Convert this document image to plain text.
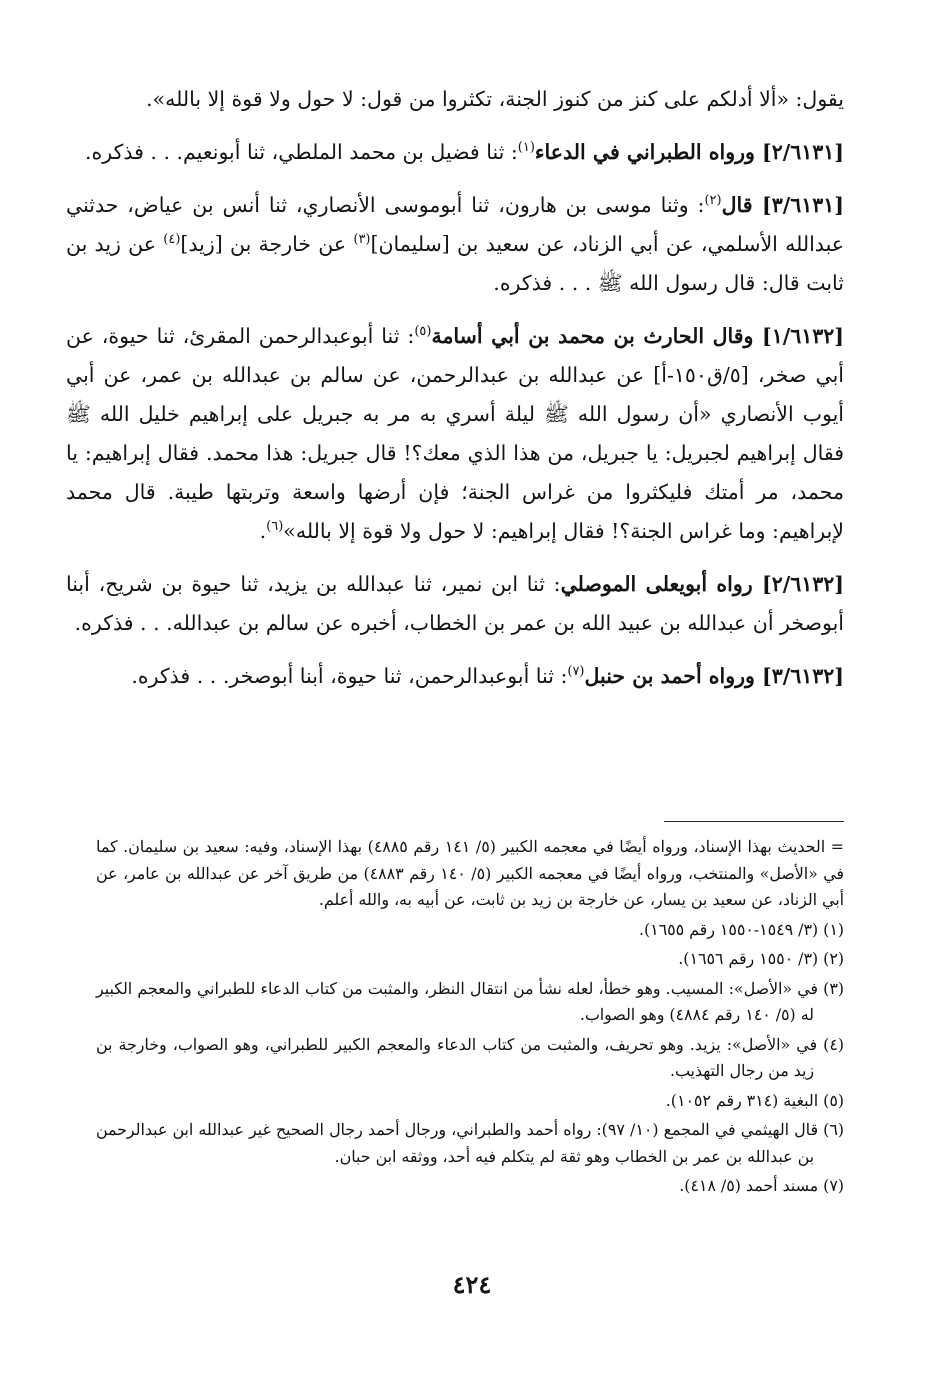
يقول: «ألا أدلكم على كنز من كنوز الجنة، تكثروا من قول: لا حول ولا قوة إلا بالله».

[٢/٦١٣١] ورواه الطبراني في الدعاء$^{(١)}$: ثنا فضيل بن محمد الملطي، ثنا أبونعيم. . . فذكره.

[٣/٦١٣١] قال$^{(٢)}$: وثنا موسى بن هارون، ثنا أبوموسى الأنصاري، ثنا أنس بن عياض، حدثني عبدالله الأسلمي، عن أبي الزناد، عن سعيد بن [سليمان]$^{(٣)}$ عن خارجة بن [زيد]$^{(٤)}$ عن زيد بن ثابت قال: قال رسول الله ﷺ . . . فذكره.

[١/٦١٣٢] وقال الحارث بن محمد بن أبي أسامة$^{(٥)}$: ثنا أبوعبدالرحمن المقرئ، ثنا حيوة، عن أبي صخر، [٥/ق١٥٠-أ] عن عبدالله بن عبدالرحمن، عن سالم بن عبدالله بن عمر، عن أبي أيوب الأنصاري «أن رسول الله ﷺ ليلة أسري به مر به جبريل على إبراهيم خليل الله ﷺ فقال إبراهيم لجبريل: يا جبريل، من هذا الذي معك؟! قال جبريل: هذا محمد. فقال إبراهيم: يا محمد، مر أمتك فليكثروا من غراس الجنة؛ فإن أرضها واسعة وتربتها طيبة. قال محمد لإبراهيم: وما غراس الجنة؟! فقال إبراهيم: لا حول ولا قوة إلا بالله»$^{(٦)}$.

[٢/٦١٣٢] رواه أبويعلى الموصلي: ثنا ابن نمير، ثنا عبدالله بن يزيد، ثنا حيوة بن شريح، أبنا أبوصخر أن عبدالله بن عبيد الله بن عمر بن الخطاب، أخبره عن سالم بن عبدالله. . . فذكره.

[٣/٦١٣٢] ورواه أحمد بن حنبل$^{(٧)}$: ثنا أبوعبدالرحمن، ثنا حيوة، أبنا أبوصخر. . . فذكره.

= الحديث بهذا الإسناد، ورواه أيضًا في معجمه الكبير (٥/ ١٤١ رقم ٤٨٨٥) بهذا الإسناد، وفيه: سعيد بن سليمان. كما في «الأصل» والمنتخب، ورواه أيضًا في معجمه الكبير (٥/ ١٤٠ رقم ٤٨٨٣) من طريق آخر عن عبدالله بن عامر، عن أبي الزناد، عن سعيد بن يسار، عن خارجة بن زيد بن ثابت، عن أبيه به، والله أعلم.

(١) (٣/ ١٥٤٩-١٥٥٠ رقم ١٦٥٥).

(٢) (٣/ ١٥٥٠ رقم ١٦٥٦).

(٣) في «الأصل»: المسيب. وهو خطأ، لعله نشأ من انتقال النظر، والمثبت من كتاب الدعاء للطبراني والمعجم الكبير له (٥/ ١٤٠ رقم ٤٨٨٤) وهو الصواب.

(٤) في «الأصل»: يزيد. وهو تحريف، والمثبت من كتاب الدعاء والمعجم الكبير للطبراني، وهو الصواب، وخارجة بن زيد من رجال التهذيب.

(٥) البغية (٣١٤ رقم ١٠٥٢).

(٦) قال الهيثمي في المجمع (١٠/ ٩٧): رواه أحمد والطبراني، ورجال أحمد رجال الصحيح غير عبدالله ابن عبدالرحمن بن عبدالله بن عمر بن الخطاب وهو ثقة لم يتكلم فيه أحد، ووثقه ابن حبان.

(٧) مسند أحمد (٥/ ٤١٨).

٤٢٤
